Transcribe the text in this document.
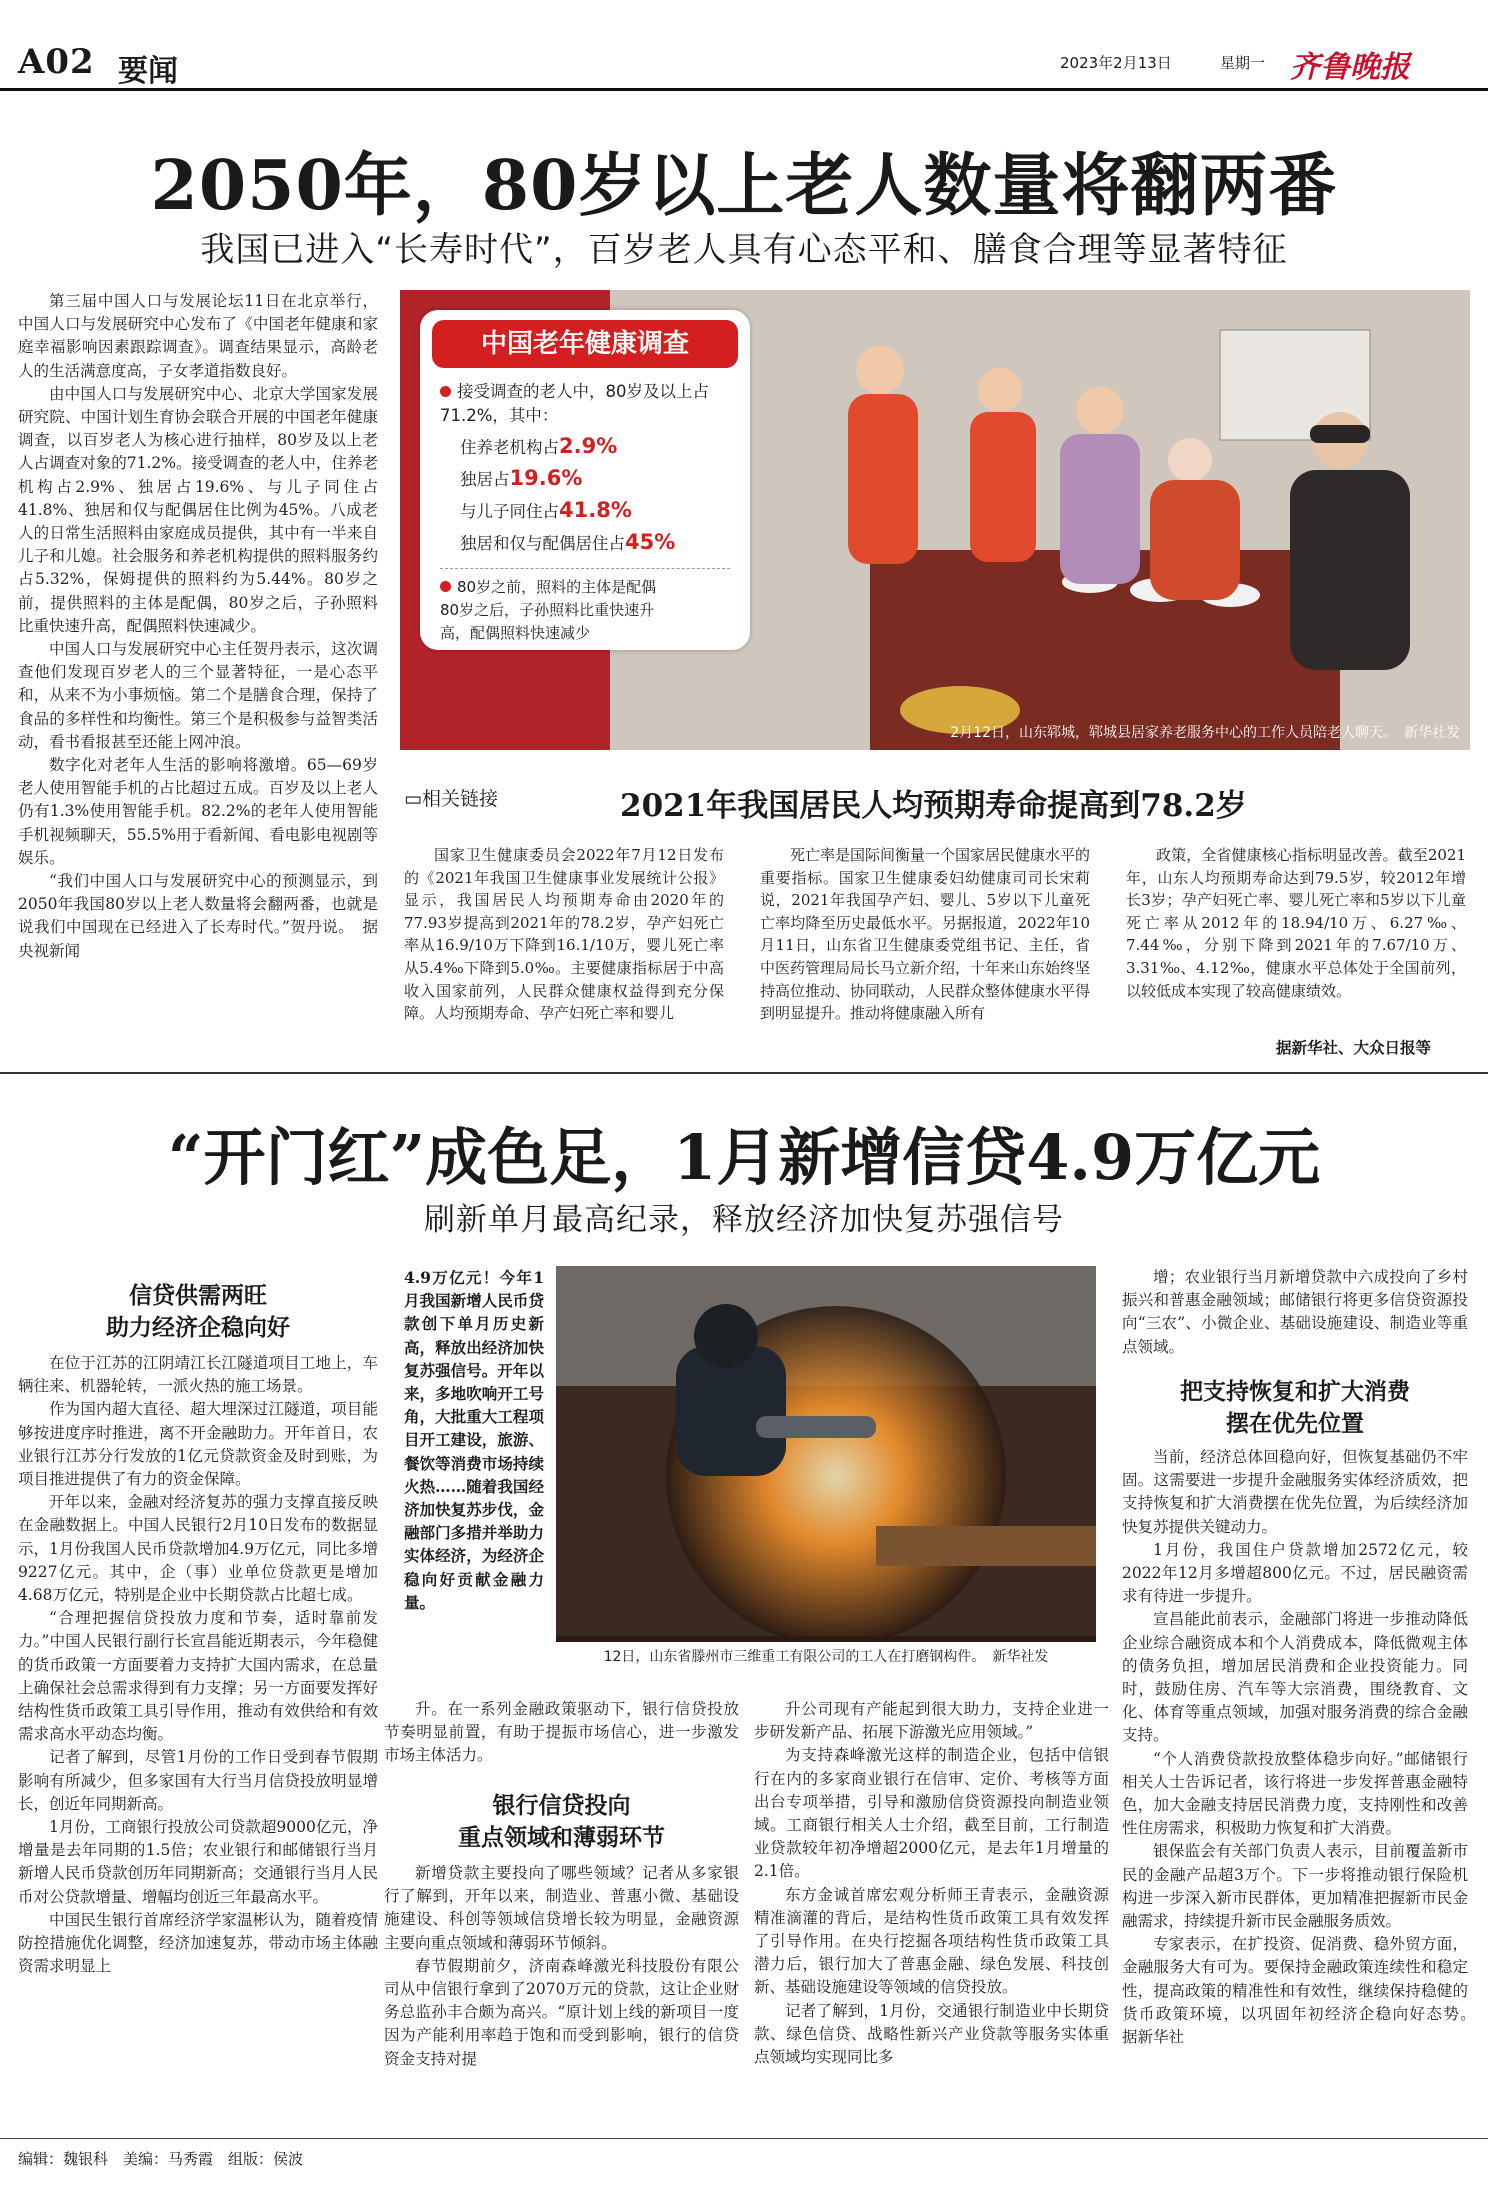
A02 要闻	2023年2月13日	星期一 齐鲁晚报
2050年，80岁以上老人数量将翻两番
我国已进入“长寿时代”，百岁老人具有心态平和、膳食合理等显著特征

第三届中国人口与发展论坛11日在北京举行，中国人口与发展研究中心发布了《中国老年健康和家庭幸福影响因素跟踪调查》。调查结果显示，高龄老人的生活满意度高，子女孝道指数良好。

由中国人口与发展研究中心、北京大学国家发展研究院、中国计划生育协会联合开展的中国老年健康调查，以百岁老人为核心进行抽样，80岁及以上老人占调查对象的71.2%。接受调查的老人中，住养老机构占2.9%、独居占19.6%、与儿子同住占41.8%、独居和仅与配偶居住比例为45%。八成老人的日常生活照料由家庭成员提供，其中有一半来自儿子和儿媳。社会服务和养老机构提供的照料服务约占5.32%，保姆提供的照料约为5.44%。80岁之前，提供照料的主体是配偶，80岁之后，子孙照料比重快速升高，配偶照料快速减少。

中国人口与发展研究中心主任贺丹表示，这次调查他们发现百岁老人的三个显著特征，一是心态平和，从来不为小事烦恼。第二个是膳食合理，保持了食品的多样性和均衡性。第三个是积极参与益智类活动，看书看报甚至还能上网冲浪。

数字化对老年人生活的影响将激增。65—69岁老人使用智能手机的占比超过五成。百岁及以上老人仍有1.3%使用智能手机。82.2%的老年人使用智能手机视频聊天，55.5%用于看新闻、看电影电视剧等娱乐。

“我们中国人口与发展研究中心的预测显示，到2050年我国80岁以上老人数量将会翻两番，也就是说我们中国现在已经进入了长寿时代。”贺丹说。　据央视新闻

中国老年健康调查
接受调查的老人中，80岁及以上占71.2%，其中：
住养老机构占2.9%
独居占19.6%
与儿子同住占41.8%
独居和仅与配偶居住占45%
80岁之前，照料的主体是配偶80岁之后，子孙照料比重快速升高，配偶照料快速减少
2月12日，山东郓城，郓城县居家养老服务中心的工作人员陪老人聊天。　新华社发
▭相关链接	2021年我国居民人均预期寿命提高到78.2岁
国家卫生健康委员会2022年7月12日发布的《2021年我国卫生健康事业发展统计公报》显示，我国居民人均预期寿命由2020年的77.93岁提高到2021年的78.2岁，孕产妇死亡率从16.9/10万下降到16.1/10万，婴儿死亡率从5.4‰下降到5.0‰。主要健康指标居于中高收入国家前列，人民群众健康权益得到充分保障。人均预期寿命、孕产妇死亡率和婴儿
死亡率是国际间衡量一个国家居民健康水平的重要指标。国家卫生健康委妇幼健康司司长宋莉说，2021年我国孕产妇、婴儿、5岁以下儿童死亡率均降至历史最低水平。另据报道，2022年10月11日，山东省卫生健康委党组书记、主任，省中医药管理局局长马立新介绍，十年来山东始终坚持高位推动、协同联动，人民群众整体健康水平得到明显提升。推动将健康融入所有
政策，全省健康核心指标明显改善。截至2021年，山东人均预期寿命达到79.5岁，较2012年增长3岁；孕产妇死亡率、婴儿死亡率和5岁以下儿童死亡率从2012年的18.94/10万、6.27‰、7.44‰，分别下降到2021年的7.67/10万、3.31‰、4.12‰，健康水平总体处于全国前列，以较低成本实现了较高健康绩效。
据新华社、大众日报等
“开门红”成色足，1月新增信贷4.9万亿元
刷新单月最高纪录，释放经济加快复苏强信号
信贷供需两旺
助力经济企稳向好

在位于江苏的江阴靖江长江隧道项目工地上，车辆往来、机器轮转，一派火热的施工场景。

作为国内超大直径、超大埋深过江隧道，项目能够按进度序时推进，离不开金融助力。开年首日，农业银行江苏分行发放的1亿元贷款资金及时到账，为项目推进提供了有力的资金保障。

开年以来，金融对经济复苏的强力支撑直接反映在金融数据上。中国人民银行2月10日发布的数据显示，1月份我国人民币贷款增加4.9万亿元，同比多增9227亿元。其中，企（事）业单位贷款更是增加4.68万亿元，特别是企业中长期贷款占比超七成。

“合理把握信贷投放力度和节奏，适时靠前发力。”中国人民银行副行长宣昌能近期表示，今年稳健的货币政策一方面要着力支持扩大国内需求，在总量上确保社会总需求得到有力支撑；另一方面要发挥好结构性货币政策工具引导作用，推动有效供给和有效需求高水平动态均衡。

记者了解到，尽管1月份的工作日受到春节假期影响有所减少，但多家国有大行当月信贷投放明显增长，创近年同期新高。

1月份，工商银行投放公司贷款超9000亿元，净增量是去年同期的1.5倍；农业银行和邮储银行当月新增人民币贷款创历年同期新高；交通银行当月人民币对公贷款增量、增幅均创近三年最高水平。

中国民生银行首席经济学家温彬认为，随着疫情防控措施优化调整，经济加速复苏，带动市场主体融资需求明显上

4.9万亿元！今年1月我国新增人民币贷款创下单月历史新高，释放出经济加快复苏强信号。开年以来，多地吹响开工号角，大批重大工程项目开工建设，旅游、餐饮等消费市场持续火热……随着我国经济加快复苏步伐，金融部门多措并举助力实体经济，为经济企稳向好贡献金融力量。
12日，山东省滕州市三维重工有限公司的工人在打磨钢构件。　新华社发
升。在一系列金融政策驱动下，银行信贷投放节奏明显前置，有助于提振市场信心，进一步激发市场主体活力。
银行信贷投向
重点领域和薄弱环节

新增贷款主要投向了哪些领域？记者从多家银行了解到，开年以来，制造业、普惠小微、基础设施建设、科创等领域信贷增长较为明显，金融资源主要向重点领域和薄弱环节倾斜。

春节假期前夕，济南森峰激光科技股份有限公司从中信银行拿到了2070万元的贷款，这让企业财务总监孙丰合颇为高兴。“原计划上线的新项目一度因为产能利用率趋于饱和而受到影响，银行的信贷资金支持对提

升公司现有产能起到很大助力，支持企业进一步研发新产品、拓展下游激光应用领域。”

为支持森峰激光这样的制造企业，包括中信银行在内的多家商业银行在信审、定价、考核等方面出台专项举措，引导和激励信贷资源投向制造业领域。工商银行相关人士介绍，截至目前，工行制造业贷款较年初净增超2000亿元，是去年1月增量的2.1倍。

东方金诚首席宏观分析师王青表示，金融资源精准滴灌的背后，是结构性货币政策工具有效发挥了引导作用。在央行挖掘各项结构性货币政策工具潜力后，银行加大了普惠金融、绿色发展、科技创新、基础设施建设等领域的信贷投放。

记者了解到，1月份，交通银行制造业中长期贷款、绿色信贷、战略性新兴产业贷款等服务实体重点领域均实现同比多

增；农业银行当月新增贷款中六成投向了乡村振兴和普惠金融领域；邮储银行将更多信贷资源投向“三农”、小微企业、基础设施建设、制造业等重点领域。
把支持恢复和扩大消费
摆在优先位置

当前，经济总体回稳向好，但恢复基础仍不牢固。这需要进一步提升金融服务实体经济质效，把支持恢复和扩大消费摆在优先位置，为后续经济加快复苏提供关键动力。

1月份，我国住户贷款增加2572亿元，较2022年12月多增超800亿元。不过，居民融资需求有待进一步提升。

宣昌能此前表示，金融部门将进一步推动降低企业综合融资成本和个人消费成本，降低微观主体的债务负担，增加居民消费和企业投资能力。同时，鼓励住房、汽车等大宗消费，围绕教育、文化、体育等重点领域，加强对服务消费的综合金融支持。

“个人消费贷款投放整体稳步向好。”邮储银行相关人士告诉记者，该行将进一步发挥普惠金融特色，加大金融支持居民消费力度，支持刚性和改善性住房需求，积极助力恢复和扩大消费。

银保监会有关部门负责人表示，目前覆盖新市民的金融产品超3万个。下一步将推动银行保险机构进一步深入新市民群体，更加精准把握新市民金融需求，持续提升新市民金融服务质效。

专家表示，在扩投资、促消费、稳外贸方面，金融服务大有可为。要保持金融政策连续性和稳定性，提高政策的精准性和有效性，继续保持稳健的货币政策环境，以巩固年初经济企稳向好态势。　据新华社

编辑：魏银科　美编：马秀霞　组版：侯波
